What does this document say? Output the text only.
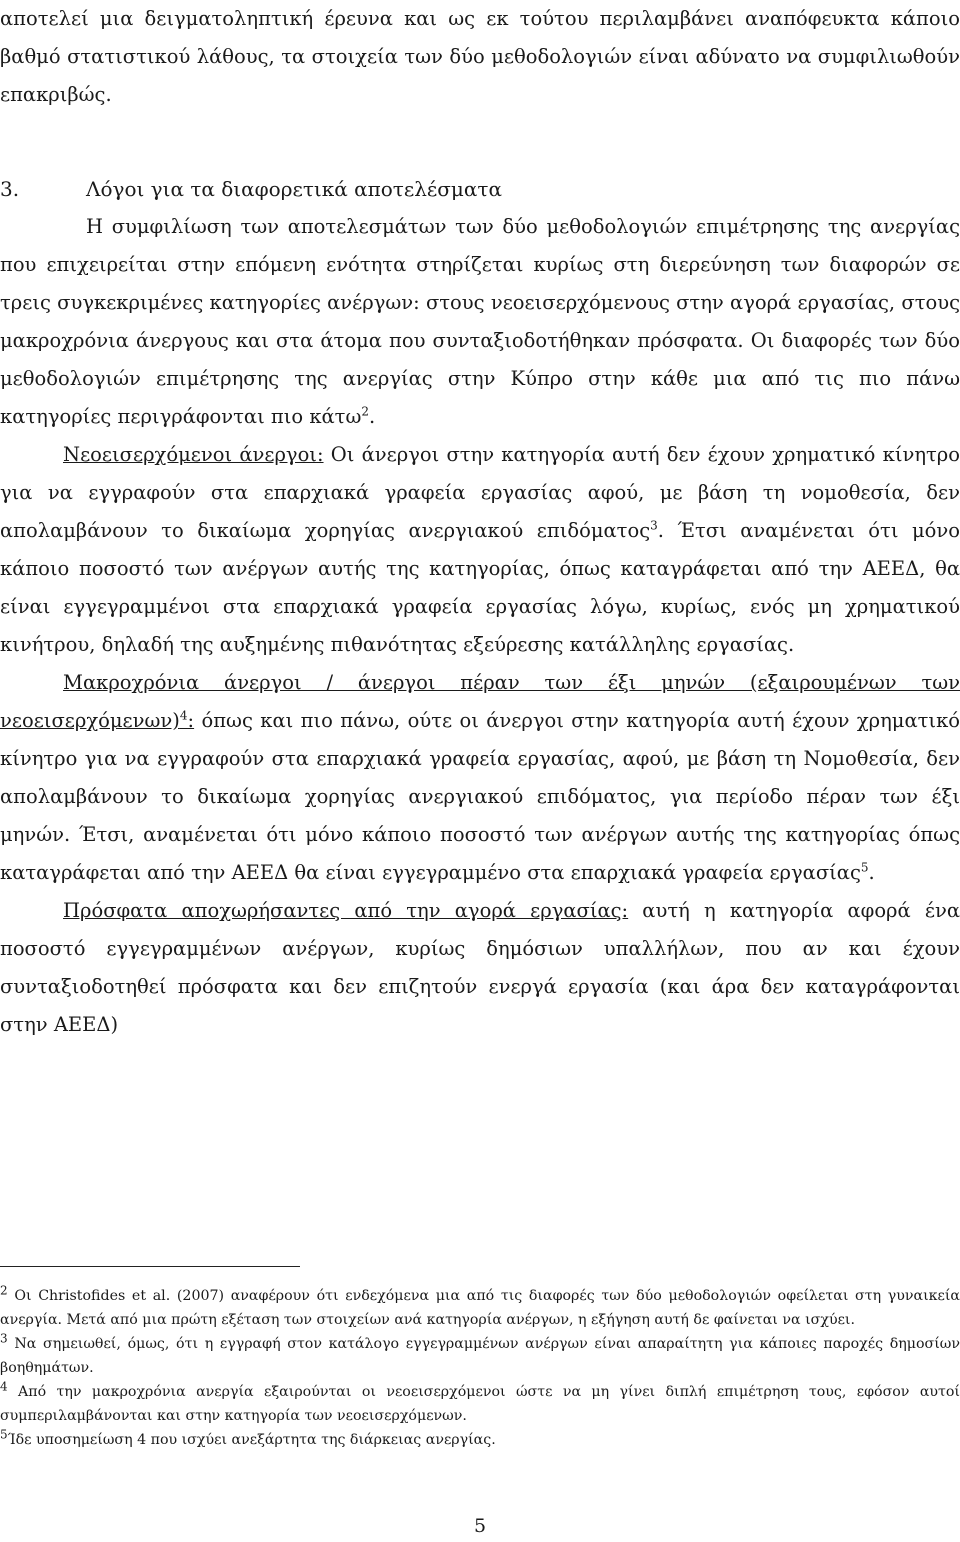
αποτελεί μια δειγματοληπτική έρευνα και ως εκ τούτου περιλαμβάνει αναπόφευκτα κάποιο βαθμό στατιστικού λάθους, τα στοιχεία των δύο μεθοδολογιών είναι αδύνατο να συμφιλιωθούν επακριβώς.

3.	Λόγοι για τα διαφορετικά αποτελέσματα

Η συμφιλίωση των αποτελεσμάτων των δύο μεθοδολογιών επιμέτρησης της ανεργίας που επιχειρείται στην επόμενη ενότητα στηρίζεται κυρίως στη διερεύνηση των διαφορών σε τρεις συγκεκριμένες κατηγορίες ανέργων: στους νεοεισερχόμενους στην αγορά εργασίας, στους μακροχρόνια άνεργους και στα άτομα που συνταξιοδοτήθηκαν πρόσφατα. Οι διαφορές των δύο μεθοδολογιών επιμέτρησης της ανεργίας στην Κύπρο στην κάθε μια από τις πιο πάνω κατηγορίες περιγράφονται πιο κάτω$^2$.

Νεοεισερχόμενοι άνεργοι: Οι άνεργοι στην κατηγορία αυτή δεν έχουν χρηματικό κίνητρο για να εγγραφούν στα επαρχιακά γραφεία εργασίας αφού, με βάση τη νομοθεσία, δεν απολαμβάνουν το δικαίωμα χορηγίας ανεργιακού επιδόματος$^3$. Έτσι αναμένεται ότι μόνο κάποιο ποσοστό των ανέργων αυτής της κατηγορίας, όπως καταγράφεται από την ΑΕΕΔ, θα είναι εγγεγραμμένοι στα επαρχιακά γραφεία εργασίας λόγω, κυρίως, ενός μη χρηματικού κινήτρου, δηλαδή της αυξημένης πιθανότητας εξεύρεσης κατάλληλης εργασίας.

Μακροχρόνια άνεργοι / άνεργοι πέραν των έξι μηνών (εξαιρουμένων των νεοεισερχόμενων)$^4$: όπως και πιο πάνω, ούτε οι άνεργοι στην κατηγορία αυτή έχουν χρηματικό κίνητρο για να εγγραφούν στα επαρχιακά γραφεία εργασίας, αφού, με βάση τη Νομοθεσία, δεν απολαμβάνουν το δικαίωμα χορηγίας ανεργιακού επιδόματος, για περίοδο πέραν των έξι μηνών. Έτσι, αναμένεται ότι μόνο κάποιο ποσοστό των ανέργων αυτής της κατηγορίας όπως καταγράφεται από την ΑΕΕΔ θα είναι εγγεγραμμένο στα επαρχιακά γραφεία εργασίας$^5$.

Πρόσφατα αποχωρήσαντες από την αγορά εργασίας: αυτή η κατηγορία αφορά ένα ποσοστό εγγεγραμμένων ανέργων, κυρίως δημόσιων υπαλλήλων, που αν και έχουν συνταξιοδοτηθεί πρόσφατα και δεν επιζητούν ενεργά εργασία (και άρα δεν καταγράφονται στην ΑΕΕΔ)

$^2$ Οι Christofides et al. (2007) αναφέρουν ότι ενδεχόμενα μια από τις διαφορές των δύο μεθοδολογιών οφείλεται στη γυναικεία ανεργία. Μετά από μια πρώτη εξέταση των στοιχείων ανά κατηγορία ανέργων, η εξήγηση αυτή δε φαίνεται να ισχύει.

$^3$ Να σημειωθεί, όμως, ότι η εγγραφή στον κατάλογο εγγεγραμμένων ανέργων είναι απαραίτητη για κάποιες παροχές δημοσίων βοηθημάτων.

$^4$ Από την μακροχρόνια ανεργία εξαιρούνται οι νεοεισερχόμενοι ώστε να μη γίνει διπλή επιμέτρηση τους, εφόσον αυτοί συμπεριλαμβάνονται και στην κατηγορία των νεοεισερχόμενων.

$^5$Ίδε υποσημείωση 4 που ισχύει ανεξάρτητα της διάρκειας ανεργίας.

5
